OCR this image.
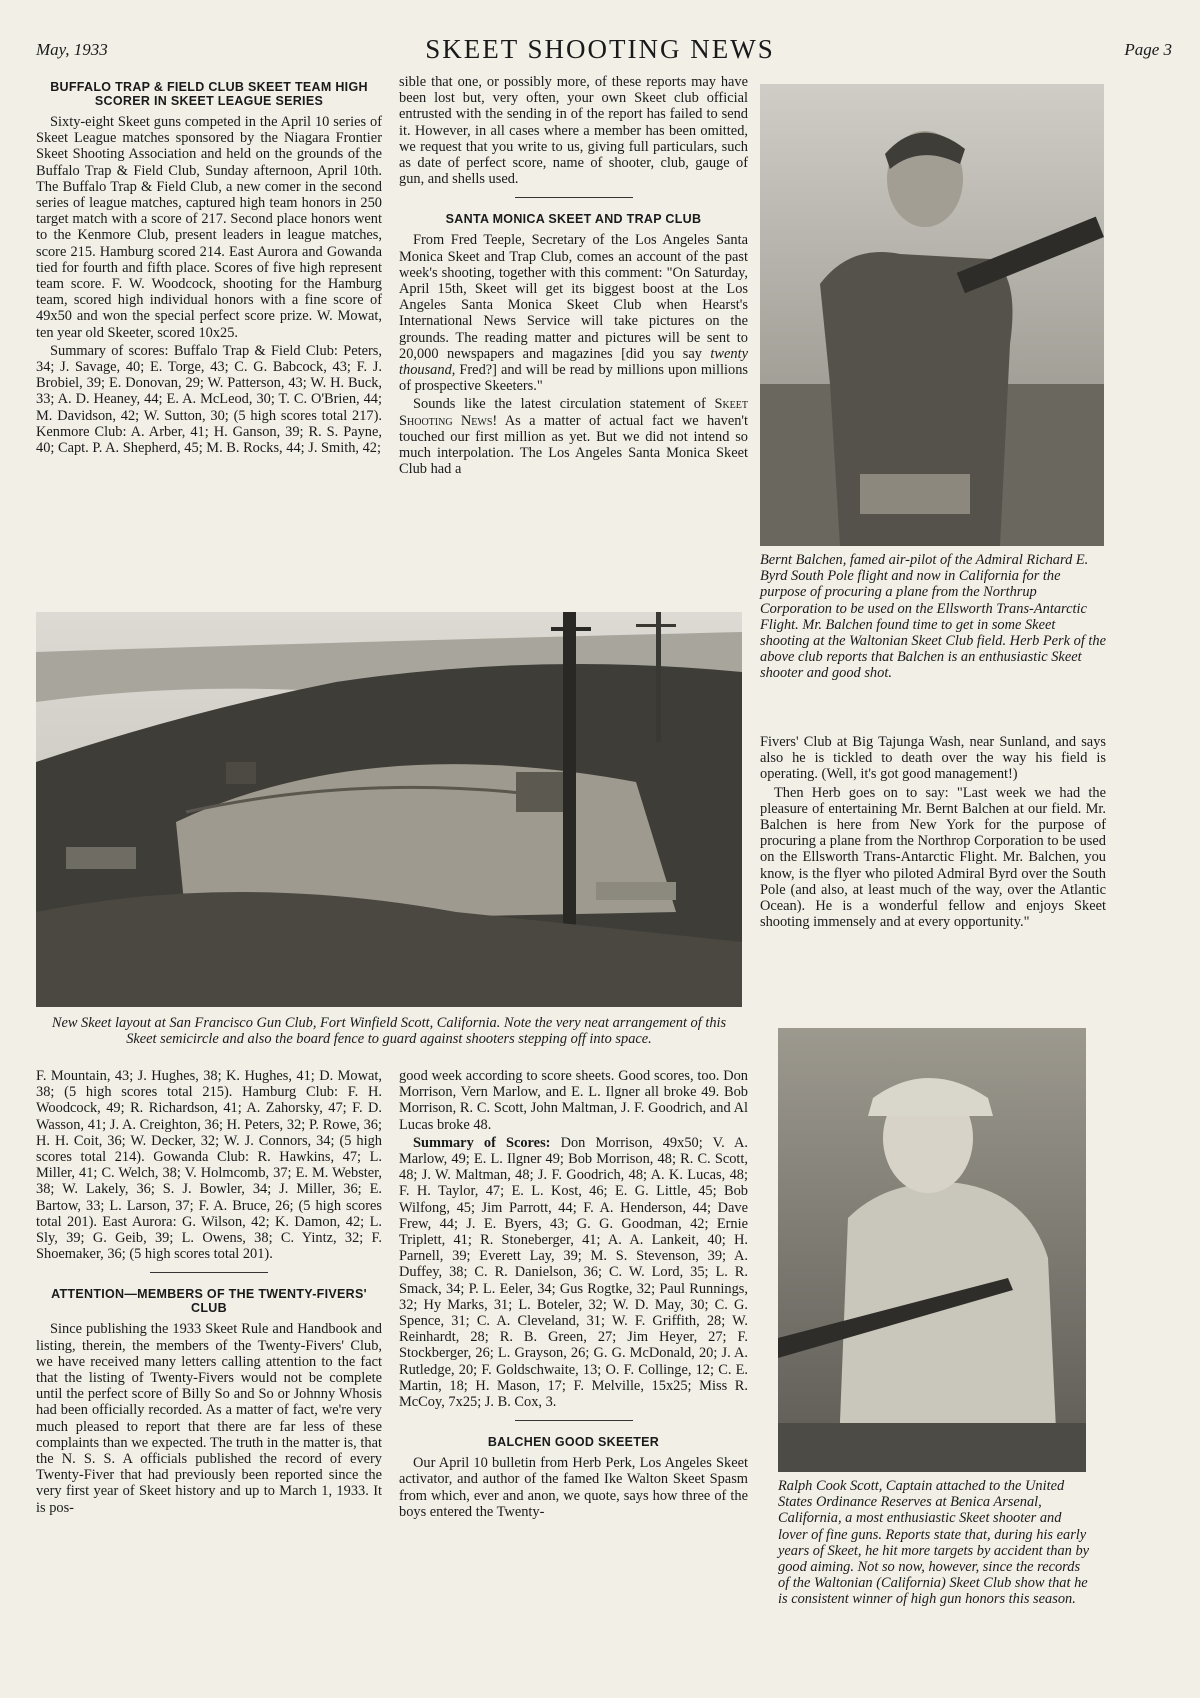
May, 1933	SKEET SHOOTING NEWS	Page 3
BUFFALO TRAP & FIELD CLUB SKEET TEAM HIGH SCORER IN SKEET LEAGUE SERIES

Sixty-eight Skeet guns competed in the April 10 series of Skeet League matches sponsored by the Niagara Frontier Skeet Shooting Association and held on the grounds of the Buffalo Trap & Field Club, Sunday afternoon, April 10th. The Buffalo Trap & Field Club, a new comer in the second series of league matches, captured high team honors in 250 target match with a score of 217. Second place honors went to the Kenmore Club, present leaders in league matches, score 215. Hamburg scored 214. East Aurora and Gowanda tied for fourth and fifth place. Scores of five high represent team score. F. W. Woodcock, shooting for the Hamburg team, scored high individual honors with a fine score of 49x50 and won the special perfect score prize. W. Mowat, ten year old Skeeter, scored 10x25.

Summary of scores: Buffalo Trap & Field Club: Peters, 34; J. Savage, 40; E. Torge, 43; C. G. Babcock, 43; F. J. Brobiel, 39; E. Donovan, 29; W. Patterson, 43; W. H. Buck, 33; A. D. Heaney, 44; E. A. McLeod, 30; T. C. O'Brien, 44; M. Davidson, 42; W. Sutton, 30; (5 high scores total 217). Kenmore Club: A. Arber, 41; H. Ganson, 39; R. S. Payne, 40; Capt. P. A. Shepherd, 45; M. B. Rocks, 44; J. Smith, 42;

sible that one, or possibly more, of these reports may have been lost but, very often, your own Skeet club official entrusted with the sending in of the report has failed to send it. However, in all cases where a member has been omitted, we request that you write to us, giving full particulars, such as date of perfect score, name of shooter, club, gauge of gun, and shells used.

SANTA MONICA SKEET AND TRAP CLUB

From Fred Teeple, Secretary of the Los Angeles Santa Monica Skeet and Trap Club, comes an account of the past week's shooting, together with this comment: "On Saturday, April 15th, Skeet will get its biggest boost at the Los Angeles Santa Monica Skeet Club when Hearst's International News Service will take pictures on the grounds. The reading matter and pictures will be sent to 20,000 newspapers and magazines [did you say twenty thousand, Fred?] and will be read by millions upon millions of prospective Skeeters."

Sounds like the latest circulation statement of Skeet Shooting News! As a matter of actual fact we haven't touched our first million as yet. But we did not intend so much interpolation. The Los Angeles Santa Monica Skeet Club had a

Bernt Balchen, famed air-pilot of the Admiral Richard E. Byrd South Pole flight and now in California for the purpose of procuring a plane from the Northrup Corporation to be used on the Ellsworth Trans-Antarctic Flight. Mr. Balchen found time to get in some Skeet shooting at the Waltonian Skeet Club field. Herb Perk of the above club reports that Balchen is an enthusiastic Skeet shooter and good shot.

Fivers' Club at Big Tajunga Wash, near Sunland, and says also he is tickled to death over the way his field is operating. (Well, it's got good management!)

Then Herb goes on to say: "Last week we had the pleasure of entertaining Mr. Bernt Balchen at our field. Mr. Balchen is here from New York for the purpose of procuring a plane from the Northrop Corporation to be used on the Ellsworth Trans-Antarctic Flight. Mr. Balchen, you know, is the flyer who piloted Admiral Byrd over the South Pole (and also, at least much of the way, over the Atlantic Ocean). He is a wonderful fellow and enjoys Skeet shooting immensely and at every opportunity."

New Skeet layout at San Francisco Gun Club, Fort Winfield Scott, California. Note the very neat arrangement of this Skeet semicircle and also the board fence to guard against shooters stepping off into space.

F. Mountain, 43; J. Hughes, 38; K. Hughes, 41; D. Mowat, 38; (5 high scores total 215). Hamburg Club: F. H. Woodcock, 49; R. Richardson, 41; A. Zahorsky, 47; F. D. Wasson, 41; J. A. Creighton, 36; H. Peters, 32; P. Rowe, 36; H. H. Coit, 36; W. Decker, 32; W. J. Connors, 34; (5 high scores total 214). Gowanda Club: R. Hawkins, 47; L. Miller, 41; C. Welch, 38; V. Holmcomb, 37; E. M. Webster, 38; W. Lakely, 36; S. J. Bowler, 34; J. Miller, 36; E. Bartow, 33; L. Larson, 37; F. A. Bruce, 26; (5 high scores total 201). East Aurora: G. Wilson, 42; K. Damon, 42; L. Sly, 39; G. Geib, 39; L. Owens, 38; C. Yintz, 32; F. Shoemaker, 36; (5 high scores total 201).

ATTENTION—MEMBERS OF THE TWENTY-FIVERS' CLUB

Since publishing the 1933 Skeet Rule and Handbook and listing, therein, the members of the Twenty-Fivers' Club, we have received many letters calling attention to the fact that the listing of Twenty-Fivers would not be complete until the perfect score of Billy So and So or Johnny Whosis had been officially recorded. As a matter of fact, we're very much pleased to report that there are far less of these complaints than we expected. The truth in the matter is, that the N. S. S. A officials published the record of every Twenty-Fiver that had previously been reported since the very first year of Skeet history and up to March 1, 1933. It is pos-

good week according to score sheets. Good scores, too. Don Morrison, Vern Marlow, and E. L. Ilgner all broke 49. Bob Morrison, R. C. Scott, John Maltman, J. F. Goodrich, and Al Lucas broke 48.

Summary of Scores: Don Morrison, 49x50; V. A. Marlow, 49; E. L. Ilgner 49; Bob Morrison, 48; R. C. Scott, 48; J. W. Maltman, 48; J. F. Goodrich, 48; A. K. Lucas, 48; F. H. Taylor, 47; E. L. Kost, 46; E. G. Little, 45; Bob Wilfong, 45; Jim Parrott, 44; F. A. Henderson, 44; Dave Frew, 44; J. E. Byers, 43; G. G. Goodman, 42; Ernie Triplett, 41; R. Stoneberger, 41; A. A. Lankeit, 40; H. Parnell, 39; Everett Lay, 39; M. S. Stevenson, 39; A. Duffey, 38; C. R. Danielson, 36; C. W. Lord, 35; L. R. Smack, 34; P. L. Eeler, 34; Gus Rogtke, 32; Paul Runnings, 32; Hy Marks, 31; L. Boteler, 32; W. D. May, 30; C. G. Spence, 31; C. A. Cleveland, 31; W. F. Griffith, 28; W. Reinhardt, 28; R. B. Green, 27; Jim Heyer, 27; F. Stockberger, 26; L. Grayson, 26; G. G. McDonald, 20; J. A. Rutledge, 20; F. Goldschwaite, 13; O. F. Collinge, 12; C. E. Martin, 18; H. Mason, 17; F. Melville, 15x25; Miss R. McCoy, 7x25; J. B. Cox, 3.

BALCHEN GOOD SKEETER

Our April 10 bulletin from Herb Perk, Los Angeles Skeet activator, and author of the famed Ike Walton Skeet Spasm from which, ever and anon, we quote, says how three of the boys entered the Twenty-

Ralph Cook Scott, Captain attached to the United States Ordinance Reserves at Benica Arsenal, California, a most enthusiastic Skeet shooter and lover of fine guns. Reports state that, during his early years of Skeet, he hit more targets by accident than by good aiming. Not so now, however, since the records of the Waltonian (California) Skeet Club show that he is consistent winner of high gun honors this season.
